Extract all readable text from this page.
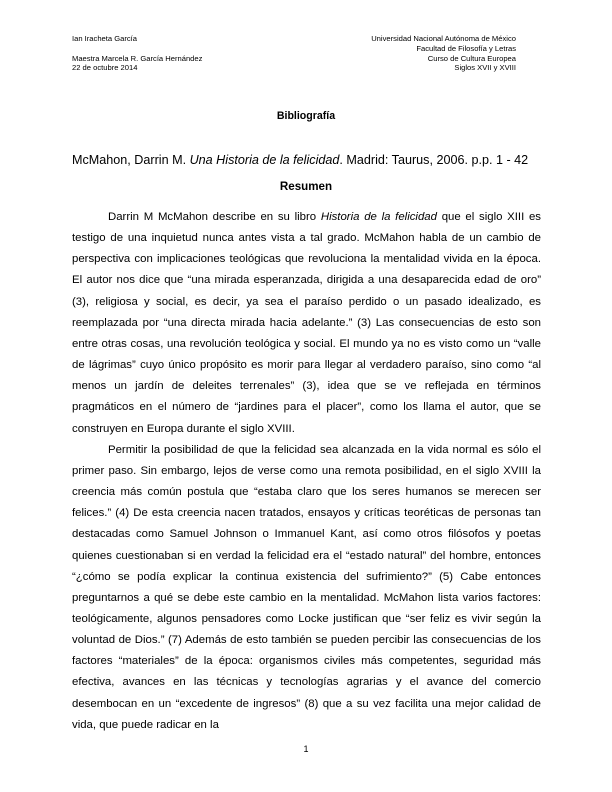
Ian Iracheta García
Maestra Marcela R. García Hernández
22 de octubre 2014
Universidad Nacional Autónoma de México
Facultad de Filosofía y Letras
Curso de Cultura Europea
Siglos XVII y XVIII
Bibliografía
McMahon, Darrin M. Una Historia de la felicidad. Madrid: Taurus, 2006. p.p. 1 - 42
Resumen

Darrin M McMahon describe en su libro Historia de la felicidad que el siglo XIII es testigo de una inquietud nunca antes vista a tal grado. McMahon habla de un cambio de perspectiva con implicaciones teológicas que revoluciona la mentalidad vivida en la época. El autor nos dice que “una mirada esperanzada, dirigida a una desaparecida edad de oro” (3), religiosa y social, es decir, ya sea el paraíso perdido o un pasado idealizado, es reemplazada por “una directa mirada hacia adelante.” (3) Las consecuencias de esto son entre otras cosas, una revolución teológica y social. El mundo ya no es visto como un “valle de lágrimas” cuyo único propósito es morir para llegar al verdadero paraíso, sino como “al menos un jardín de deleites terrenales” (3), idea que se ve reflejada en términos pragmáticos en el número de “jardines para el placer”, como los llama el autor, que se construyen en Europa durante el siglo XVIII.

Permitir la posibilidad de que la felicidad sea alcanzada en la vida normal es sólo el primer paso. Sin embargo, lejos de verse como una remota posibilidad, en el siglo XVIII la creencia más común postula que “estaba claro que los seres humanos se merecen ser felices.” (4) De esta creencia nacen tratados, ensayos y críticas teoréticas de personas tan destacadas como Samuel Johnson o Immanuel Kant, así como otros filósofos y poetas quienes cuestionaban si en verdad la felicidad era el “estado natural” del hombre, entonces “¿cómo se podía explicar la continua existencia del sufrimiento?” (5) Cabe entonces preguntarnos a qué se debe este cambio en la mentalidad. McMahon lista varios factores: teológicamente, algunos pensadores como Locke justifican que “ser feliz es vivir según la voluntad de Dios.” (7) Además de esto también se pueden percibir las consecuencias de los factores “materiales” de la época: organismos civiles más competentes, seguridad más efectiva, avances en las técnicas y tecnologías agrarias y el avance del comercio desembocan en un “excedente de ingresos” (8) que a su vez facilita una mejor calidad de vida, que puede radicar en la

1
